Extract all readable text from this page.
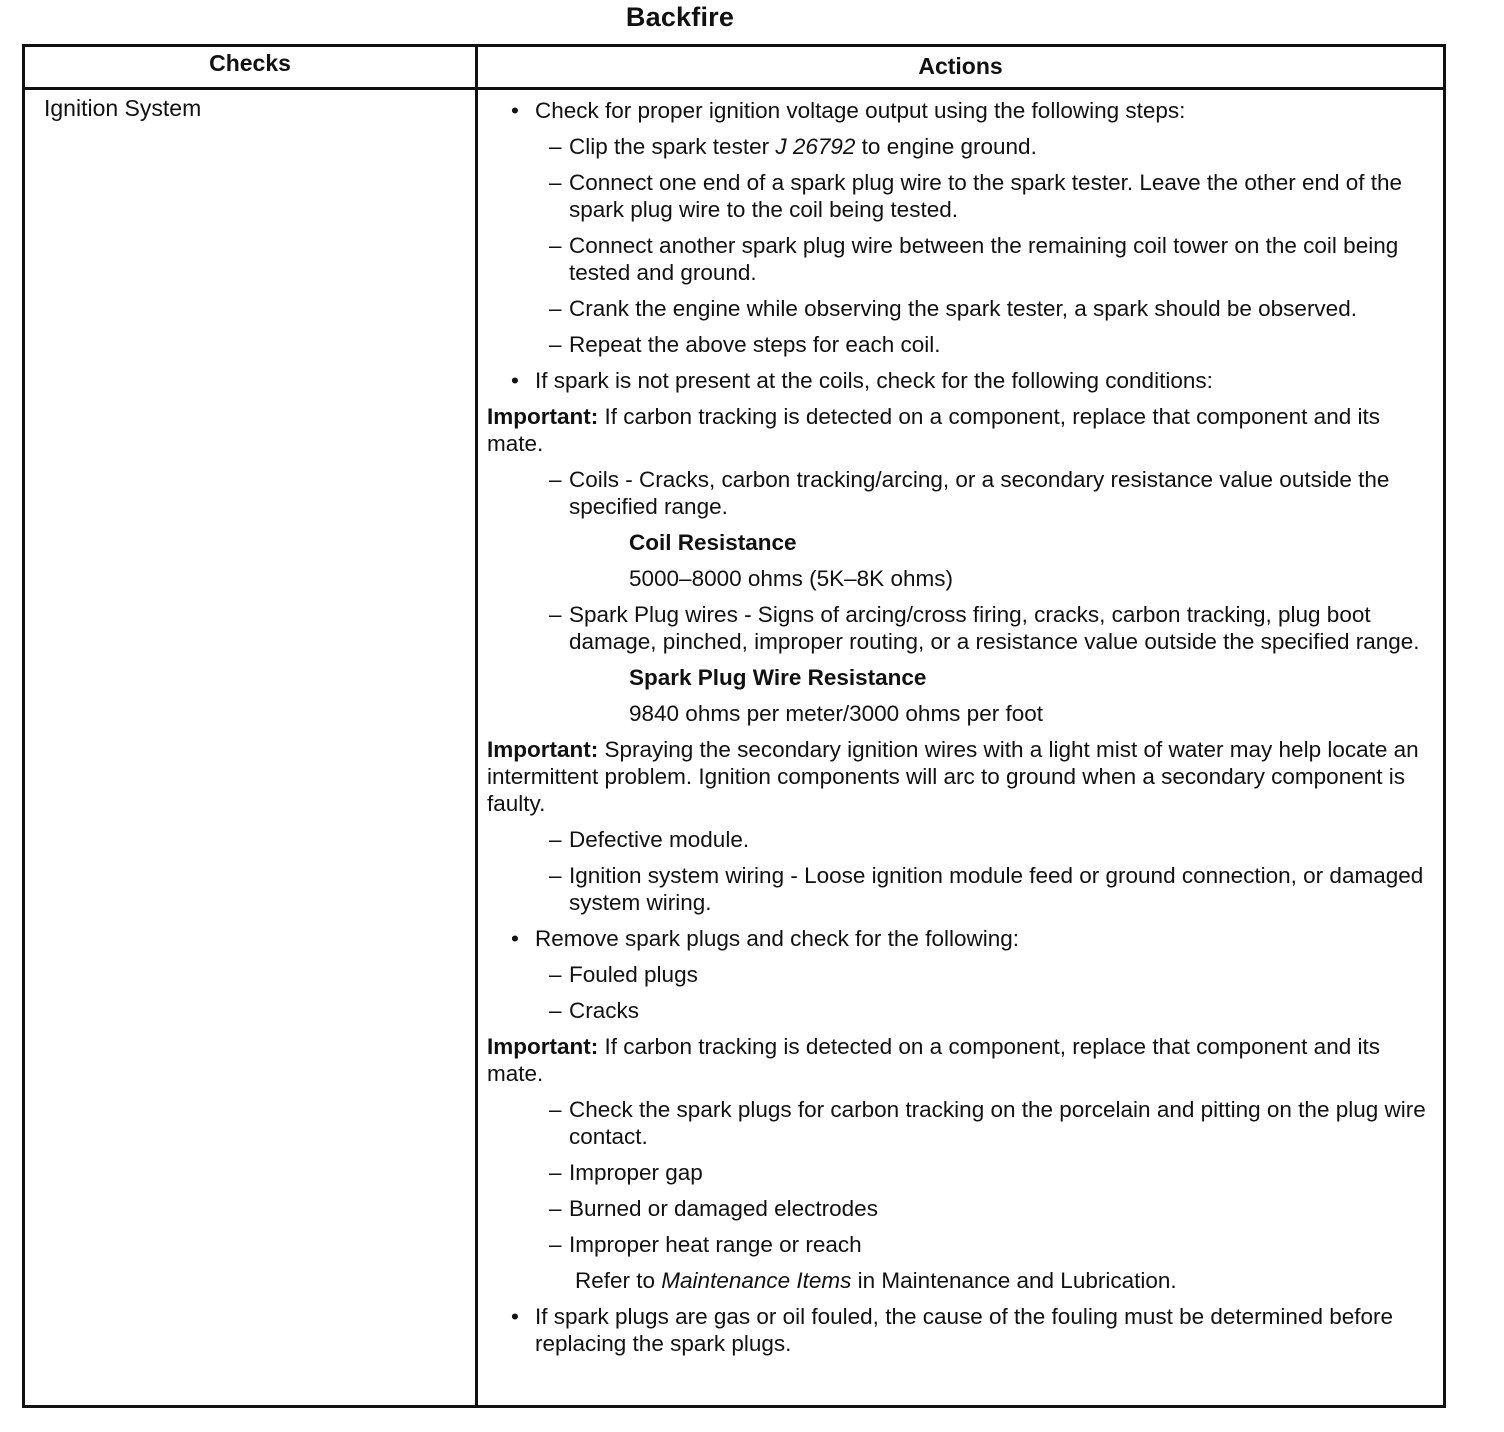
Backfire
Checks	Actions
Ignition System	• Check for proper ignition voltage output using the following steps:
– Clip the spark tester J 26792 to engine ground.
– Connect one end of a spark plug wire to the spark tester. Leave the other end of the spark plug wire to the coil being tested.
– Connect another spark plug wire between the remaining coil tower on the coil being tested and ground.
– Crank the engine while observing the spark tester, a spark should be observed.
– Repeat the above steps for each coil.
• If spark is not present at the coils, check for the following conditions:
Important: If carbon tracking is detected on a component, replace that component and its mate.
– Coils - Cracks, carbon tracking/arcing, or a secondary resistance value outside the specified range.
Coil Resistance
5000–8000 ohms (5K–8K ohms)
– Spark Plug wires - Signs of arcing/cross firing, cracks, carbon tracking, plug boot damage, pinched, improper routing, or a resistance value outside the specified range.
Spark Plug Wire Resistance
9840 ohms per meter/3000 ohms per foot
Important: Spraying the secondary ignition wires with a light mist of water may help locate an intermittent problem. Ignition components will arc to ground when a secondary component is faulty.
– Defective module.
– Ignition system wiring - Loose ignition module feed or ground connection, or damaged system wiring.
• Remove spark plugs and check for the following:
– Fouled plugs
– Cracks
Important: If carbon tracking is detected on a component, replace that component and its mate.
– Check the spark plugs for carbon tracking on the porcelain and pitting on the plug wire contact.
– Improper gap
– Burned or damaged electrodes
– Improper heat range or reach
Refer to Maintenance Items in Maintenance and Lubrication.
• If spark plugs are gas or oil fouled, the cause of the fouling must be determined before replacing the spark plugs.
